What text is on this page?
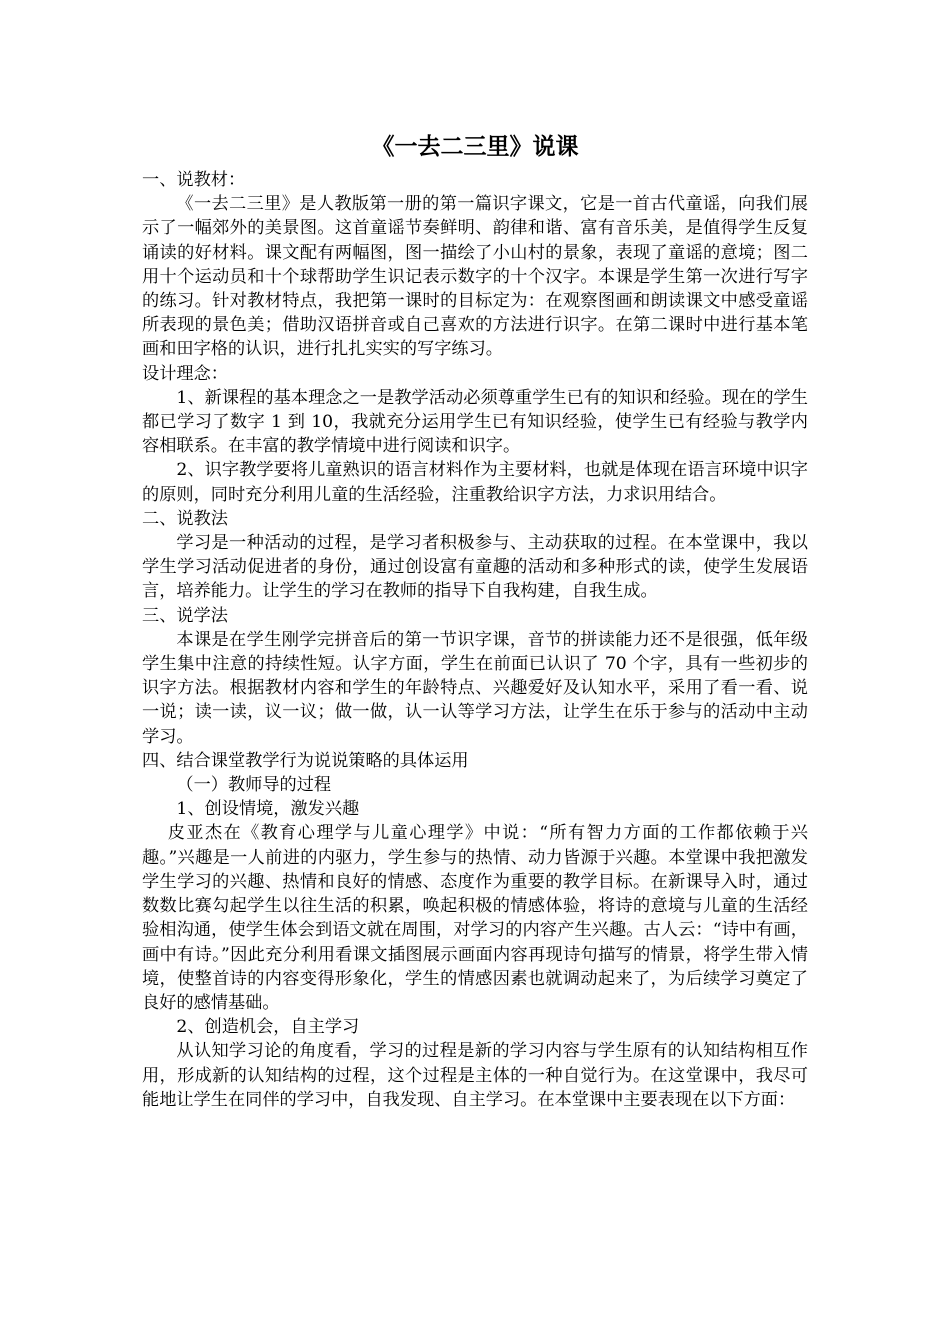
《一去二三里》说课

一、说教材：

《一去二三里》是人教版第一册的第一篇识字课文，它是一首古代童谣，向我们展示了一幅郊外的美景图。这首童谣节奏鲜明、韵律和谐、富有音乐美，是值得学生反复诵读的好材料。课文配有两幅图，图一描绘了小山村的景象，表现了童谣的意境；图二用十个运动员和十个球帮助学生识记表示数字的十个汉字。本课是学生第一次进行写字的练习。针对教材特点，我把第一课时的目标定为：在观察图画和朗读课文中感受童谣所表现的景色美；借助汉语拼音或自己喜欢的方法进行识字。在第二课时中进行基本笔画和田字格的认识，进行扎扎实实的写字练习。

设计理念：

1、新课程的基本理念之一是教学活动必须尊重学生已有的知识和经验。现在的学生都已学习了数字 1 到 10，我就充分运用学生已有知识经验，使学生已有经验与教学内容相联系。在丰富的教学情境中进行阅读和识字。

2、识字教学要将儿童熟识的语言材料作为主要材料，也就是体现在语言环境中识字的原则，同时充分利用儿童的生活经验，注重教给识字方法，力求识用结合。

二、说教法

学习是一种活动的过程，是学习者积极参与、主动获取的过程。在本堂课中，我以学生学习活动促进者的身份，通过创设富有童趣的活动和多种形式的读，使学生发展语言，培养能力。让学生的学习在教师的指导下自我构建，自我生成。

三、说学法

本课是在学生刚学完拼音后的第一节识字课，音节的拼读能力还不是很强，低年级学生集中注意的持续性短。认字方面，学生在前面已认识了 70 个字，具有一些初步的识字方法。根据教材内容和学生的年龄特点、兴趣爱好及认知水平，采用了看一看、说一说；读一读，议一议；做一做，认一认等学习方法，让学生在乐于参与的活动中主动学习。

四、结合课堂教学行为说说策略的具体运用

（一）教师导的过程

1、创设情境，激发兴趣

皮亚杰在《教育心理学与儿童心理学》中说：“所有智力方面的工作都依赖于兴趣。”兴趣是一人前进的内驱力，学生参与的热情、动力皆源于兴趣。本堂课中我把激发学生学习的兴趣、热情和良好的情感、态度作为重要的教学目标。在新课导入时，通过数数比赛勾起学生以往生活的积累，唤起积极的情感体验，将诗的意境与儿童的生活经验相沟通，使学生体会到语文就在周围，对学习的内容产生兴趣。古人云：“诗中有画，画中有诗。”因此充分利用看课文插图展示画面内容再现诗句描写的情景，将学生带入情境，使整首诗的内容变得形象化，学生的情感因素也就调动起来了，为后续学习奠定了良好的感情基础。

2、创造机会，自主学习

从认知学习论的角度看，学习的过程是新的学习内容与学生原有的认知结构相互作用，形成新的认知结构的过程，这个过程是主体的一种自觉行为。在这堂课中，我尽可能地让学生在同伴的学习中，自我发现、自主学习。在本堂课中主要表现在以下方面：
